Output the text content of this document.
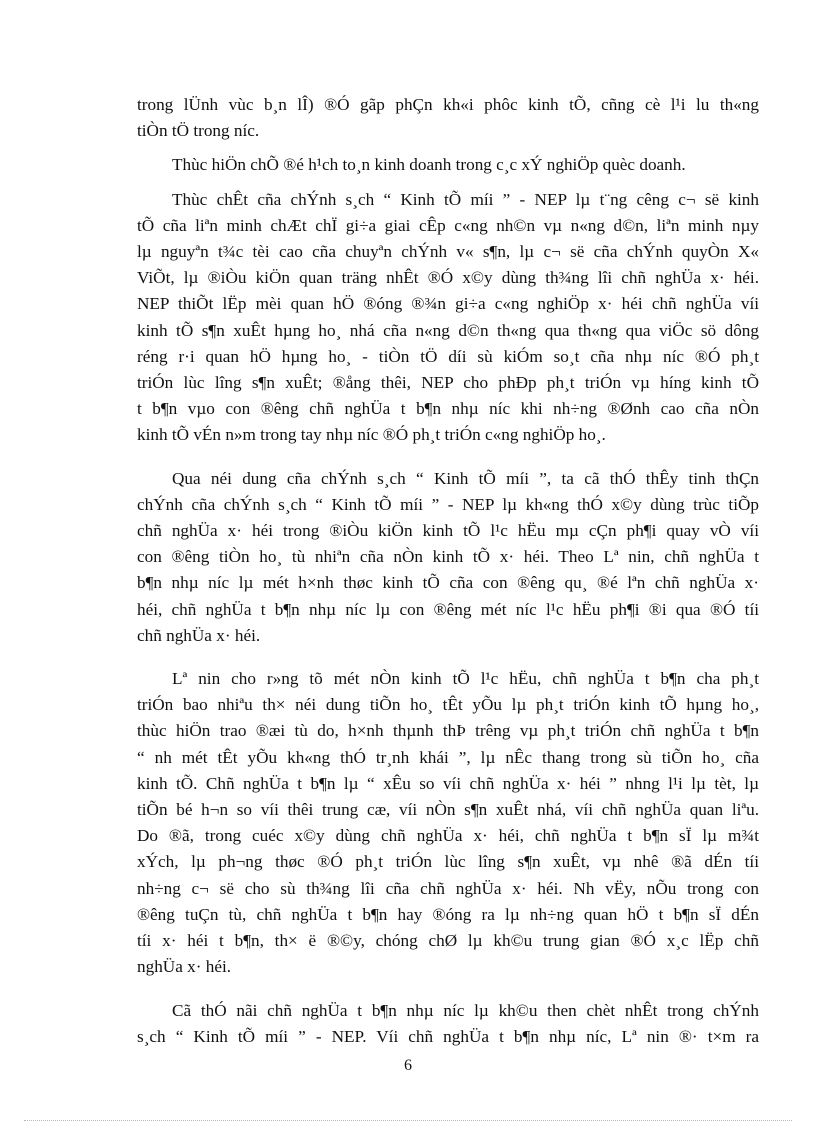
trong lÜnh vùc b¸n lÎ) ®Ó gãp phÇn kh«i phôc kinh tÕ, cñng cè l¹i lu th«ng
tiÒn tÖ trong níc.
Thùc hiÖn chÕ ®é h¹ch to¸n kinh doanh trong c¸c xÝ nghiÖp quèc doanh.
Thùc chÊt cña chÝnh s¸ch “ Kinh tÕ míi ” - NEP lµ t¨ng cêng c¬ së kinh
tÕ cña liªn minh chÆt chÏ gi÷a giai cÊp c«ng nh©n vµ n«ng d©n, liªn minh nµy
lµ nguyªn t¾c tèi cao cña chuyªn chÝnh v« s¶n, lµ c¬ së cña chÝnh quyÒn X«
ViÕt, lµ ®iÒu kiÖn quan träng nhÊt ®Ó x©y dùng th¾ng lîi chñ nghÜa x· héi.
NEP thiÕt lËp mèi quan hÖ ®óng ®¾n gi÷a c«ng nghiÖp x· héi chñ nghÜa víi
kinh tÕ s¶n xuÊt hµng ho¸ nhá cña n«ng d©n th«ng qua th«ng qua viÖc sö dông
réng r·i quan hÖ hµng ho¸ - tiÒn tÖ díi sù kiÓm so¸t cña nhµ níc ®Ó ph¸t
triÓn lùc lîng s¶n xuÊt; ®ång thêi, NEP cho phÐp ph¸t triÓn vµ híng kinh tÕ
t b¶n vµo con ®êng chñ nghÜa t b¶n nhµ níc khi nh÷ng ®Ønh cao cña nÒn
kinh tÕ vÉn n»m trong tay nhµ níc ®Ó ph¸t triÓn c«ng nghiÖp ho¸.
Qua néi dung cña chÝnh s¸ch “ Kinh tÕ míi ”, ta cã thÓ thÊy tinh thÇn
chÝnh cña chÝnh s¸ch “ Kinh tÕ míi ” - NEP lµ kh«ng thÓ x©y dùng trùc tiÕp
chñ nghÜa x· héi trong ®iÒu kiÖn kinh tÕ l¹c hËu mµ cÇn ph¶i quay vÒ víi
con ®êng tiÒn ho¸ tù nhiªn cña nÒn kinh tÕ x· héi. Theo Lª nin, chñ nghÜa t
b¶n nhµ níc lµ mét h×nh thøc kinh tÕ cña con ®êng qu¸ ®é lªn chñ nghÜa x·
héi, chñ nghÜa t b¶n nhµ níc lµ con ®êng mét níc l¹c hËu ph¶i ®i qua ®Ó tíi
chñ nghÜa x· héi.
Lª nin cho r»ng tõ mét nÒn kinh tÕ l¹c hËu, chñ nghÜa t b¶n cha ph¸t
triÓn bao nhiªu th× néi dung tiÕn ho¸ tÊt yÕu lµ ph¸t triÓn kinh tÕ hµng ho¸,
thùc hiÖn trao ®æi tù do, h×nh thµnh thÞ trêng vµ ph¸t triÓn chñ nghÜa t b¶n
“ nh mét tÊt yÕu kh«ng thÓ tr¸nh khái ”, lµ nÊc thang trong sù tiÕn ho¸ cña
kinh tÕ. Chñ nghÜa t b¶n lµ “ xÊu so víi chñ nghÜa x· héi ” nhng l¹i lµ tèt, lµ
tiÕn bé h¬n so víi thêi trung cæ, víi nÒn s¶n xuÊt nhá, víi chñ nghÜa quan liªu.
Do ®ã, trong cuéc x©y dùng chñ nghÜa x· héi, chñ nghÜa t b¶n sÏ lµ m¾t
xÝch, lµ ph¬ng thøc ®Ó ph¸t triÓn lùc lîng s¶n xuÊt, vµ nhê ®ã dÉn tíi
nh÷ng c¬ së cho sù th¾ng lîi cña chñ nghÜa x· héi. Nh vËy, nÕu trong con
®êng tuÇn tù, chñ nghÜa t b¶n hay ®óng ra lµ nh÷ng quan hÖ t b¶n sÏ dÉn
tíi x· héi t b¶n, th× ë ®©y, chóng chØ lµ kh©u trung gian ®Ó x¸c lËp chñ
nghÜa x· héi.
Cã thÓ nãi chñ nghÜa t b¶n nhµ níc lµ kh©u then chèt nhÊt trong chÝnh
s¸ch “ Kinh tÕ míi ” - NEP. Víi chñ nghÜa t b¶n nhµ níc, Lª nin ®· t×m ra
6
